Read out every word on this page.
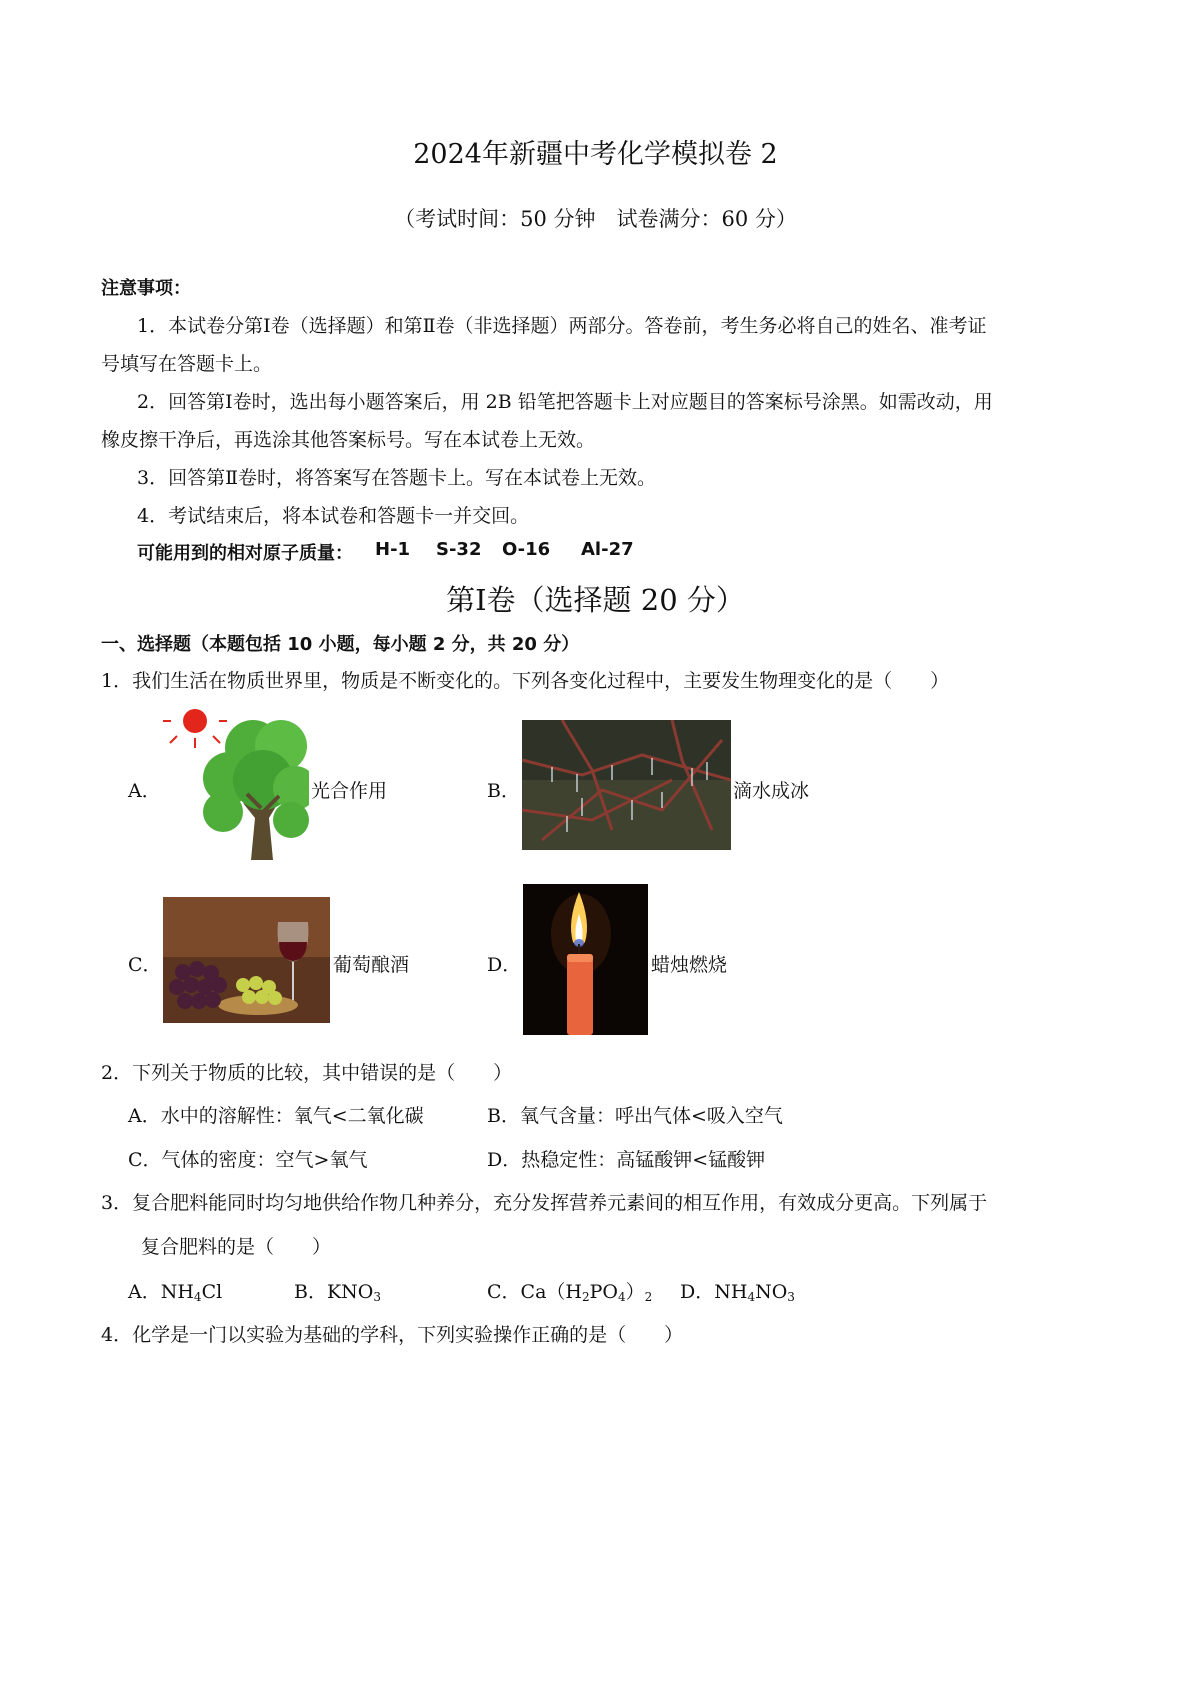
2024年新疆中考化学模拟卷 2
（考试时间：50 分钟　试卷满分：60 分）
注意事项：
1．本试卷分第Ⅰ卷（选择题）和第Ⅱ卷（非选择题）两部分。答卷前，考生务必将自己的姓名、准考证
号填写在答题卡上。
2．回答第Ⅰ卷时，选出每小题答案后，用 2B 铅笔把答题卡上对应题目的答案标号涂黑。如需改动，用
橡皮擦干净后，再选涂其他答案标号。写在本试卷上无效。
3．回答第Ⅱ卷时，将答案写在答题卡上。写在本试卷上无效。
4．考试结束后，将本试卷和答题卡一并交回。
可能用到的相对原子质量： H-1 S-32 O-16 Al-27
第Ⅰ卷（选择题 20 分）
一、选择题（本题包括 10 小题，每小题 2 分，共 20 分）
1．我们生活在物质世界里，物质是不断变化的。下列各变化过程中，主要发生物理变化的是（　　）
A．	光合作用	B．	滴水成冰
C．	葡萄酿酒	D．	蜡烛燃烧
2．下列关于物质的比较，其中错误的是（　　）
A．水中的溶解性：氧气<二氧化碳	B．氧气含量：呼出气体<吸入空气
C．气体的密度：空气>氧气	D．热稳定性：高锰酸钾<锰酸钾
3．复合肥料能同时均匀地供给作物几种养分，充分发挥营养元素间的相互作用，有效成分更高。下列属于
复合肥料的是（　　）
A．$NH_4Cl$	B．$KNO_3$	C．$Ca(H_2PO_4)_2$ D．$NH_4NO_3$
4．化学是一门以实验为基础的学科，下列实验操作正确的是（　　）
